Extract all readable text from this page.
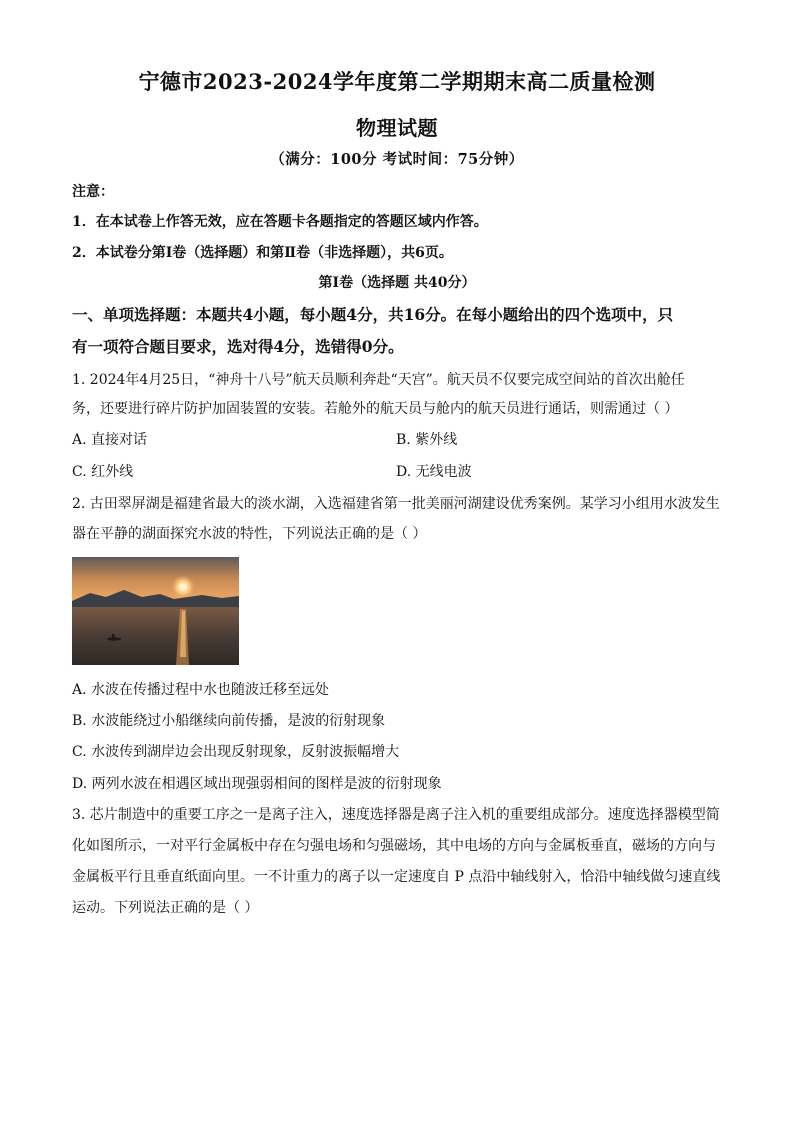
宁德市2023-2024学年度第二学期期末高二质量检测
物理试题
（满分：100分 考试时间：75分钟）
注意：
1．在本试卷上作答无效，应在答题卡各题指定的答题区域内作答。
2．本试卷分第Ⅰ卷（选择题）和第Ⅱ卷（非选择题），共6页。
第Ⅰ卷（选择题 共40分）
一、单项选择题：本题共4小题，每小题4分，共16分。在每小题给出的四个选项中，只
有一项符合题目要求，选对得4分，选错得0分。
1. 2024年4月25日，“神舟十八号”航天员顺利奔赴“天宫”。航天员不仅要完成空间站的首次出舱任
务，还要进行碎片防护加固装置的安装。若舱外的航天员与舱内的航天员进行通话，则需通过（ ）
A. 直接对话	B. 紫外线
C. 红外线	D. 无线电波
2. 古田翠屏湖是福建省最大的淡水湖，入选福建省第一批美丽河湖建设优秀案例。某学习小组用水波发生
器在平静的湖面探究水波的特性，下列说法正确的是（ ）
A. 水波在传播过程中水也随波迁移至远处
B. 水波能绕过小船继续向前传播，是波的衍射现象
C. 水波传到湖岸边会出现反射现象，反射波振幅增大
D. 两列水波在相遇区域出现强弱相间的图样是波的衍射现象
3. 芯片制造中的重要工序之一是离子注入，速度选择器是离子注入机的重要组成部分。速度选择器模型简
化如图所示，一对平行金属板中存在匀强电场和匀强磁场，其中电场的方向与金属板垂直，磁场的方向与
金属板平行且垂直纸面向里。一不计重力的离子以一定速度自 P 点沿中轴线射入，恰沿中轴线做匀速直线
运动。下列说法正确的是（ ）
